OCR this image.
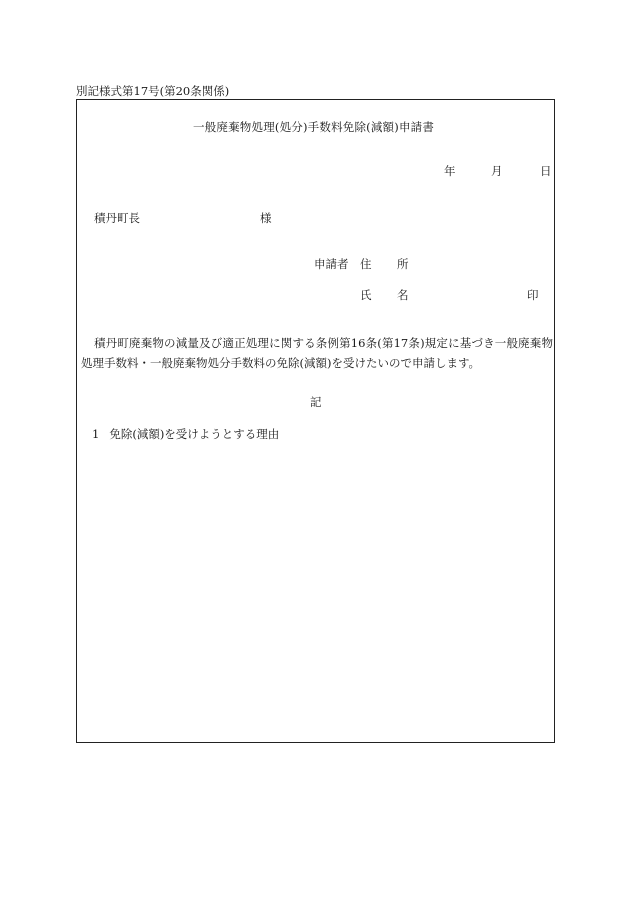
別記様式第17号(第20条関係)
一般廃棄物処理(処分)手数料免除(減額)申請書
年	月	日
積丹町長	様
申請者 住 所
氏 名	印
積丹町廃棄物の減量及び適正処理に関する条例第16条(第17条)規定に基づき一般廃棄物処理手数料・一般廃棄物処分手数料の免除(減額)を受けたいので申請します。
記
1 免除(減額)を受けようとする理由
